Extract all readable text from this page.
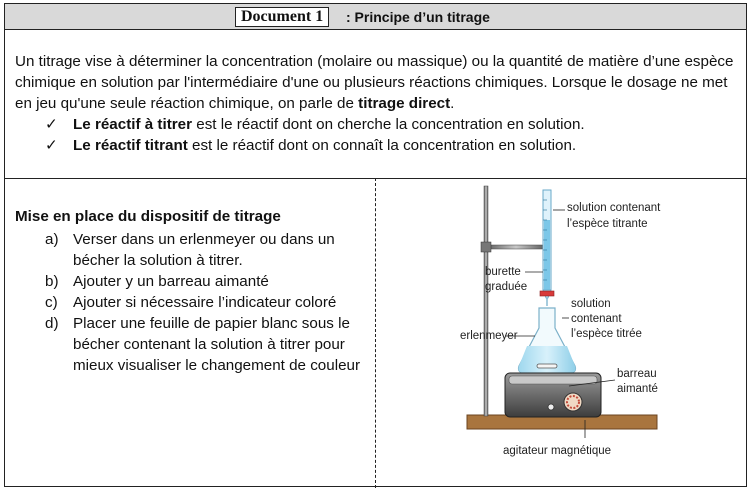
Document 1	: Principe d’un titrage

Un titrage vise à déterminer la concentration (molaire ou massique) ou la quantité de matière d’une espèce chimique en solution par l'intermédiaire d'une ou plusieurs réactions chimiques. Lorsque le dosage ne met en jeu qu'une seule réaction chimique, on parle de titrage direct.

✓ Le réactif à titrer est le réactif dont on cherche la concentration en solution.
✓ Le réactif titrant est le réactif dont on connaît la concentration en solution.
Mise en place du dispositif de titrage
a) Verser dans un erlenmeyer ou dans un bécher la solution à titrer.
b) Ajouter y un barreau aimanté
c) Ajouter si nécessaire l’indicateur coloré
d) Placer une feuille de papier blanc sous le bécher contenant la solution à titrer pour mieux visualiser le changement de couleur
solution contenant
l’espèce titrante
burette
graduée
solution
contenant
l’espèce titrée
erlenmeyer
barreau
aimanté
agitateur magnétique
